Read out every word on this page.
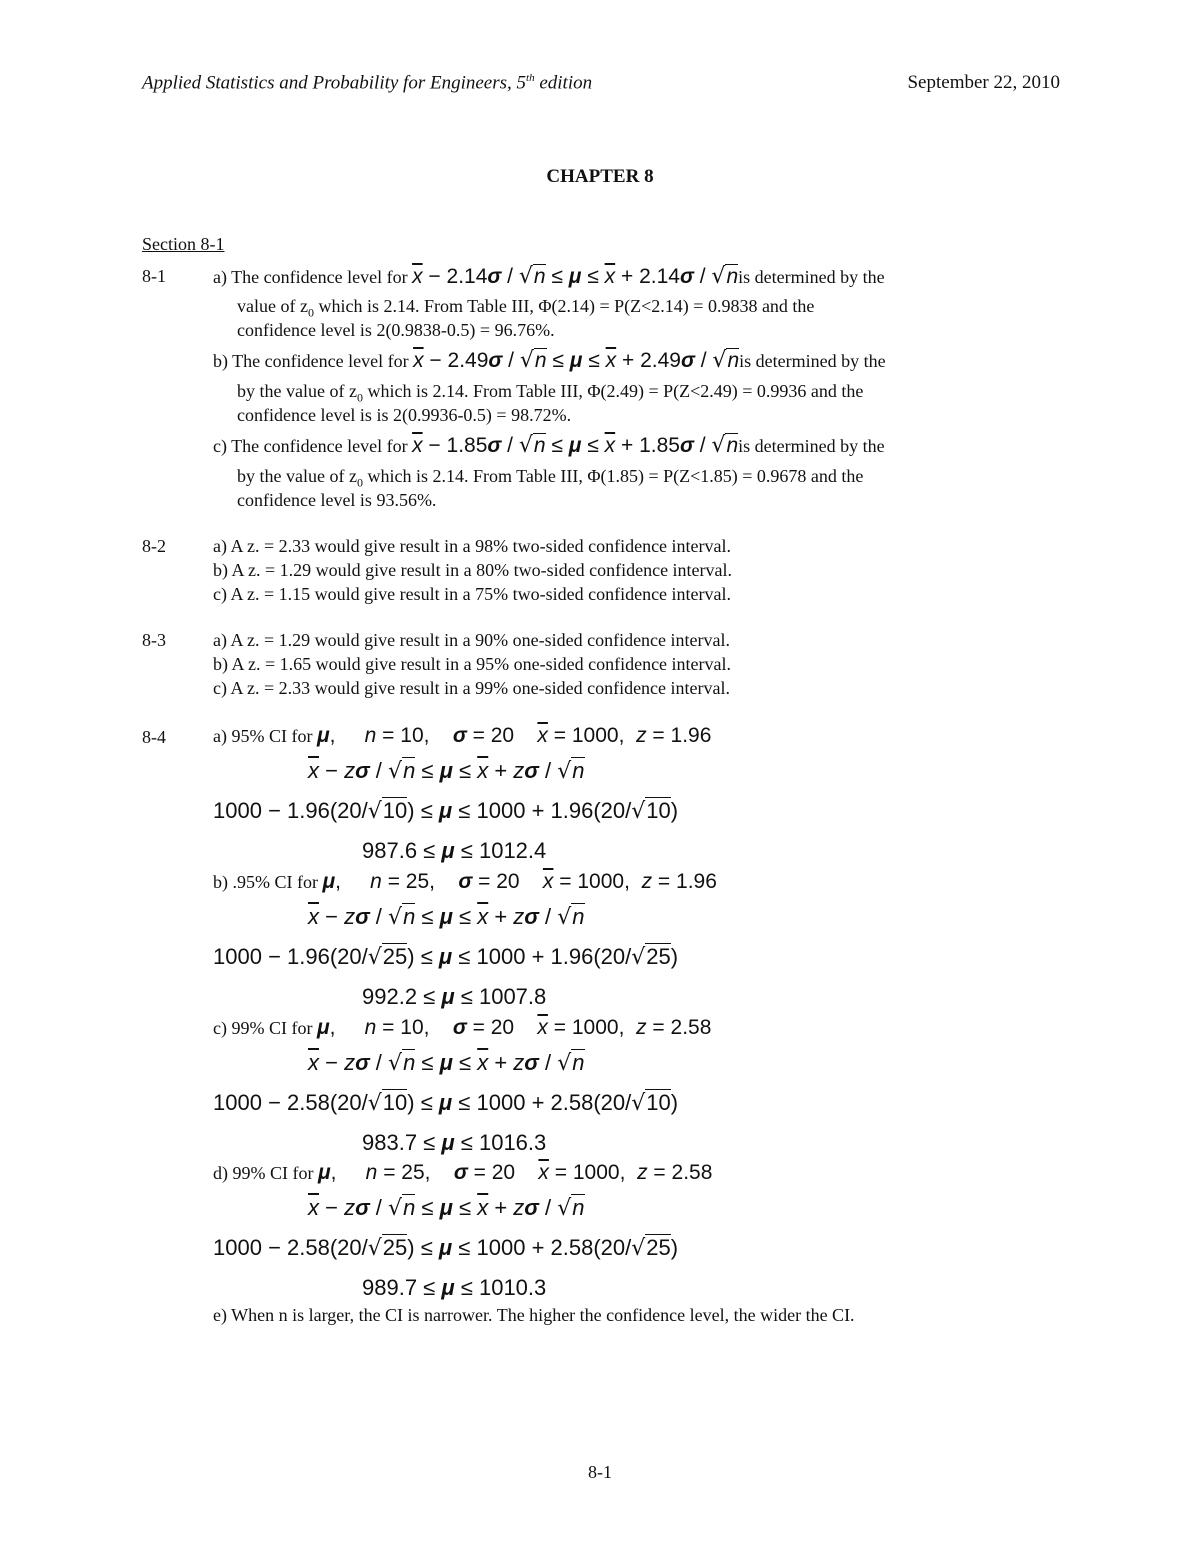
Applied Statistics and Probability for Engineers, 5th edition	September 22, 2010
CHAPTER 8
Section 8-1
8-1	a) The confidence level for $\overline{x} - 2.14\sigma / √n \le \mu \le \overline{x} + 2.14\sigma / √nis$ determined by the
value of $z_0$ which is 2.14. From Table III, Φ(2.14) = P(Z<2.14) = 0.9838 and the
confidence level is 2(0.9838-0.5) = 96.76%.
b) The confidence level for $\overline{x} - 2.49\sigma / √n \le \mu \le \overline{x} + 2.49\sigma / √nis$ determined by the
by the value of $z_0$ which is 2.14. From Table III, Φ(2.49) = P(Z<2.49) = 0.9936 and the
confidence level is is 2(0.9936-0.5) = 98.72%.
c) The confidence level for $\overline{x} - 1.85\sigma / √n \le \mu \le \overline{x} + 1.85\sigma / √nis$ determined by the
by the value of $z_0$ which is 2.14. From Table III, Φ(1.85) = P(Z<1.85) = 0.9678 and the
confidence level is 93.56%.
8-2	a) A z. = 2.33 would give result in a 98% two-sided confidence interval.
b) A z. = 1.29 would give result in a 80% two-sided confidence interval.
c) A z. = 1.15 would give result in a 75% two-sided confidence interval.
8-3	a) A z. = 1.29 would give result in a 90% one-sided confidence interval.
b) A z. = 1.65 would give result in a 95% one-sided confidence interval.
c) A z. = 2.33 would give result in a 99% one-sided confidence interval.
8-4	a) 95% CI for μ,     n = 10,    σ = 20 $\overline{x} = 1000$,  z = 1.96
$\overline{x} - z\sigma / √n \le \mu \le \overline{x} + z\sigma / √n$
1000 − 1.96(20/√10) ≤ μ ≤ 1000 + 1.96(20/√10)
987.6 ≤ μ ≤ 1012.4
b) .95% CI for μ,     n = 25,    σ = 20 $\overline{x} = 1000$,  z = 1.96
$\overline{x} - z\sigma / √n \le \mu \le \overline{x} + z\sigma / √n$
1000 − 1.96(20/√25) ≤ μ ≤ 1000 + 1.96(20/√25)
992.2 ≤ μ ≤ 1007.8
c) 99% CI for μ,     n = 10,    σ = 20 $\overline{x} = 1000$,  z = 2.58
$\overline{x} - z\sigma / √n \le \mu \le \overline{x} + z\sigma / √n$
1000 − 2.58(20/√10) ≤ μ ≤ 1000 + 2.58(20/√10)
983.7 ≤ μ ≤ 1016.3
d) 99% CI for μ,     n = 25,    σ = 20 $\overline{x} = 1000$,  z = 2.58
$\overline{x} - z\sigma / √n \le \mu \le \overline{x} + z\sigma / √n$
1000 − 2.58(20/√25) ≤ μ ≤ 1000 + 2.58(20/√25)
989.7 ≤ μ ≤ 1010.3
e) When n is larger, the CI is narrower. The higher the confidence level, the wider the CI.
8-1
